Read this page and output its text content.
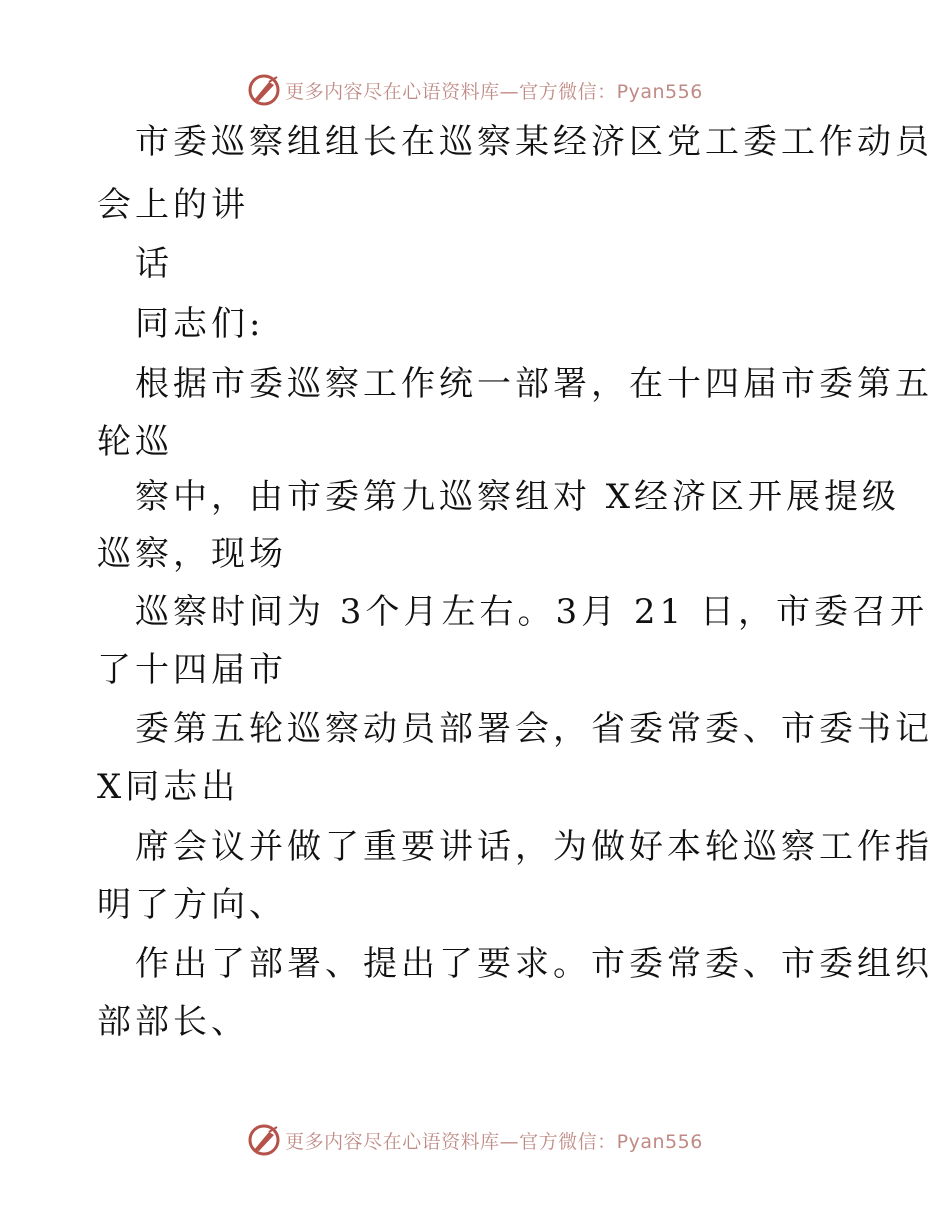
更多内容尽在心语资料库—官方微信：Pyan556
市委巡察组组长在巡察某经济区党工委工作动员
会上的讲
话
同志们:
根据市委巡察工作统一部署，在十四届市委第五
轮巡
察中，由市委第九巡察组对 X经济区开展提级
巡察，现场
巡察时间为 3个月左右。3月 21 日，市委召开
了十四届市
委第五轮巡察动员部署会，省委常委、市委书记
X同志出
席会议并做了重要讲话，为做好本轮巡察工作指
明了方向、
作出了部署、提出了要求。市委常委、市委组织
部部长、
更多内容尽在心语资料库—官方微信：Pyan556
